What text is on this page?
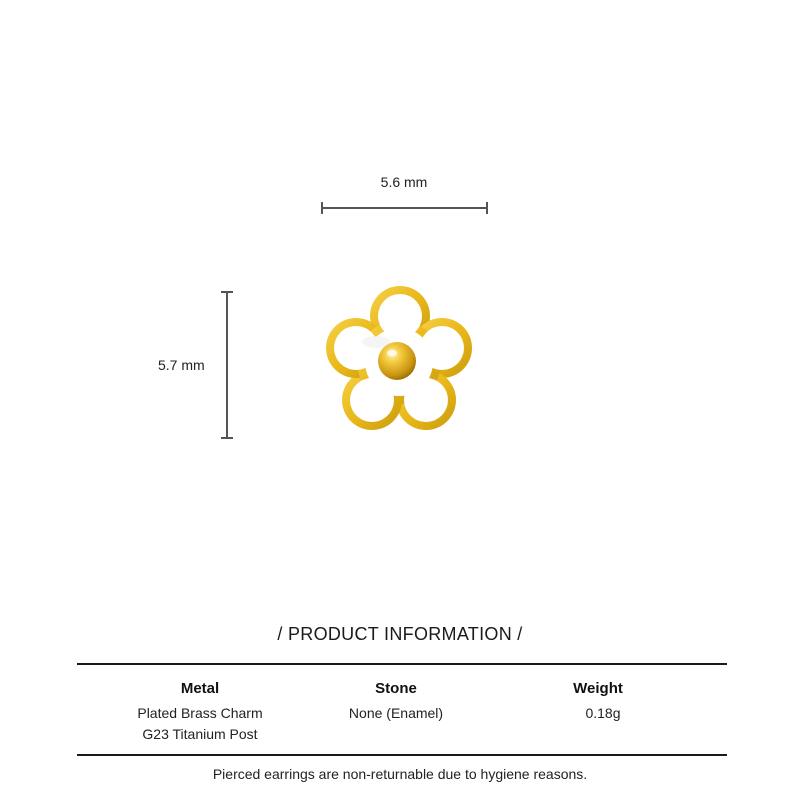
5.6 mm
5.7 mm
/ PRODUCT INFORMATION /
Metal
Plated Brass Charm
G23 Titanium Post
Stone
None (Enamel)
Weight
0.18g
Pierced earrings are non-returnable due to hygiene reasons.
